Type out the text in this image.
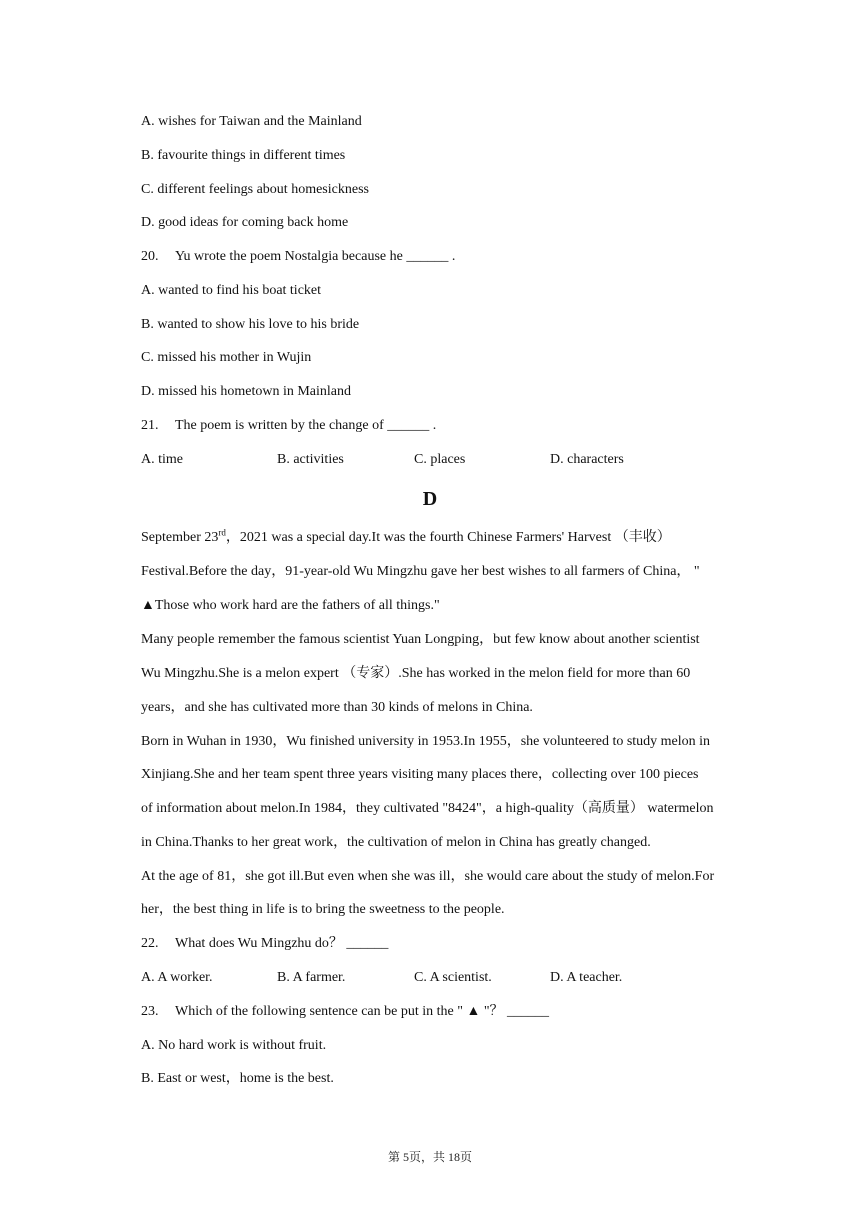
A. wishes for Taiwan and the Mainland
B. favourite things in different times
C. different feelings about homesickness
D. good ideas for coming back home
20. Yu wrote the poem Nostalgia because he ______ .
A. wanted to find his boat ticket
B. wanted to show his love to his bride
C. missed his mother in Wujin
D. missed his hometown in Mainland
21. The poem is written by the change of ______ .
A. time	B. activities	C. places	D. characters
D
September 23rd，2021 was a special day.It was the fourth Chinese Farmers' Harvest （丰收）
Festival.Before the day，91-year-old Wu Mingzhu gave her best wishes to all farmers of China， "
▲Those who work hard are the fathers of all things."
Many people remember the famous scientist Yuan Longping，but few know about another scientist
Wu Mingzhu.She is a melon expert （专家）.She has worked in the melon field for more than 60
years，and she has cultivated more than 30 kinds of melons in China.
Born in Wuhan in 1930，Wu finished university in 1953.In 1955，she volunteered to study melon in
Xinjiang.She and her team spent three years visiting many places there，collecting over 100 pieces
of information about melon.In 1984，they cultivated "8424"，a high-quality（高质量） watermelon
in China.Thanks to her great work，the cultivation of melon in China has greatly changed.
At the age of 81，she got ill.But even when she was ill，she would care about the study of melon.For
her，the best thing in life is to bring the sweetness to the people.
22. What does Wu Mingzhu do？ ______
A. A worker.	B. A farmer.	C. A scientist.	D. A teacher.
23. Which of the following sentence can be put in the " ▲ "？ ______
A. No hard work is without fruit.
B. East or west，home is the best.
第 5页，共 18页
